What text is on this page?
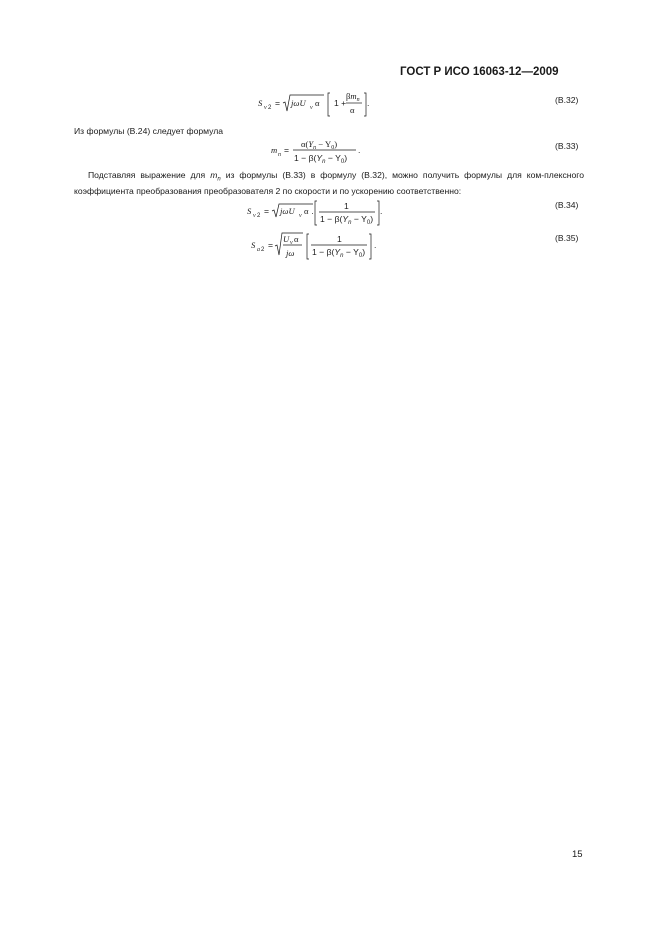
ГОСТ Р ИСО 16063-12—2009
S v 2 = jωU v α 1 +
$\beta m_n$
α
.	(В.32)
Из формулы (В.24) следует формула
m n =
$\alpha(Y_n - Y_0)$
$1 - \beta(Y_n - Y_0)$
.	(В.33)
Подставляя выражение для $m_n$ из формулы (В.33) в формулу (В.32), можно получить формулы для ком-плексного коэффициента преобразования преобразователя 2 по скорости и по ускорению соответственно:
S v 2 = jωU v α ·
1
$1 - \beta(Y_n - Y_0)$
.
(В.34)
S a 2 =
U v α
jω
1
$1 - \beta(Y_n - Y_0)$
.
(В.35)
15
